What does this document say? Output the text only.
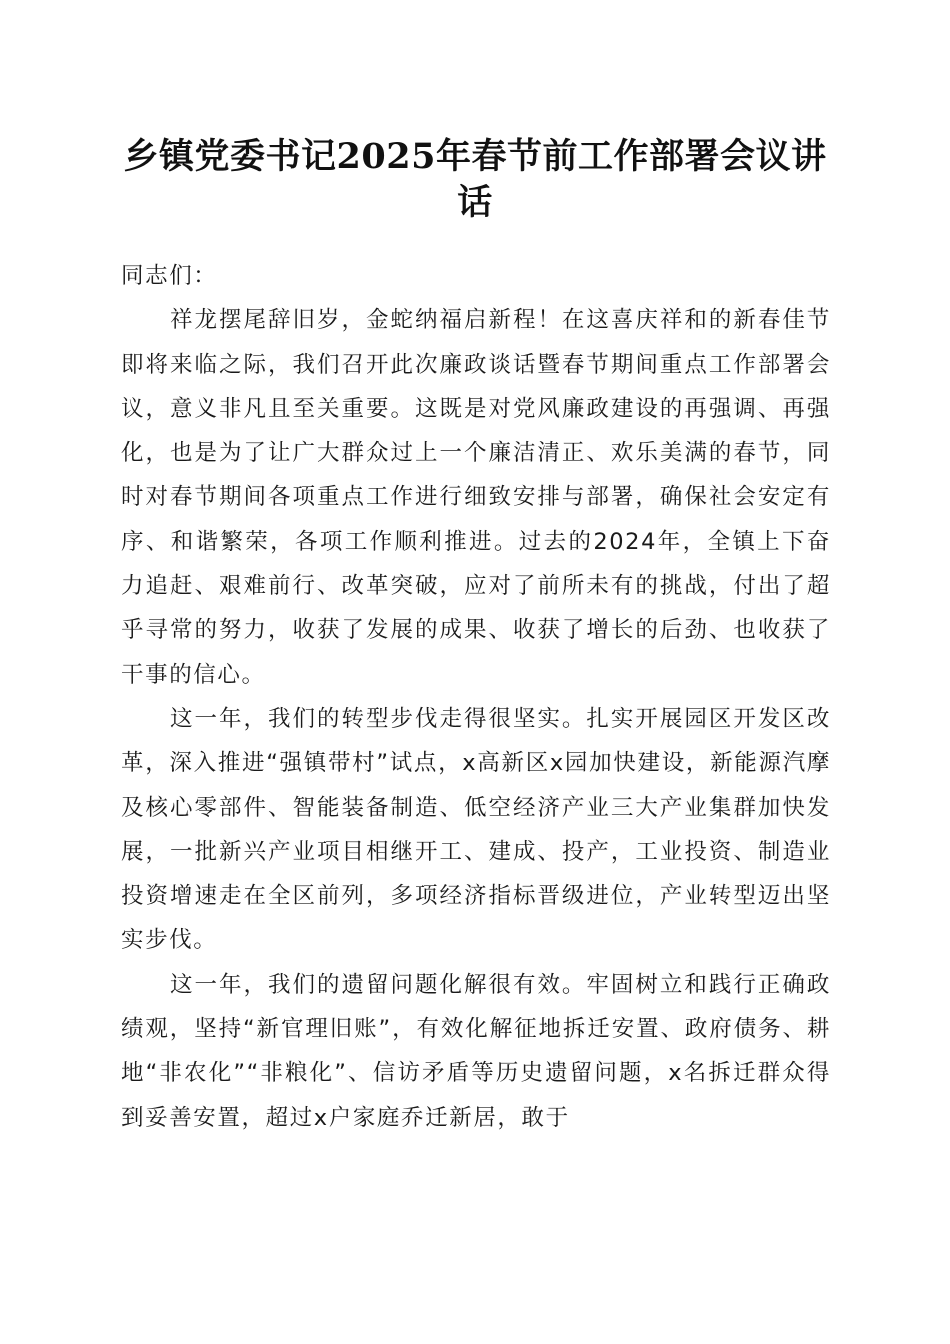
乡镇党委书记2025年春节前工作部署会议讲话

同志们：

祥龙摆尾辞旧岁，金蛇纳福启新程！在这喜庆祥和的新春佳节即将来临之际，我们召开此次廉政谈话暨春节期间重点工作部署会议，意义非凡且至关重要。这既是对党风廉政建设的再强调、再强化，也是为了让广大群众过上一个廉洁清正、欢乐美满的春节，同时对春节期间各项重点工作进行细致安排与部署，确保社会安定有序、和谐繁荣，各项工作顺利推进。过去的2024年，全镇上下奋力追赶、艰难前行、改革突破，应对了前所未有的挑战，付出了超乎寻常的努力，收获了发展的成果、收获了增长的后劲、也收获了干事的信心。

这一年，我们的转型步伐走得很坚实。扎实开展园区开发区改革，深入推进“强镇带村”试点，x高新区x园加快建设，新能源汽摩及核心零部件、智能装备制造、低空经济产业三大产业集群加快发展，一批新兴产业项目相继开工、建成、投产，工业投资、制造业投资增速走在全区前列，多项经济指标晋级进位，产业转型迈出坚实步伐。

这一年，我们的遗留问题化解很有效。牢固树立和践行正确政绩观，坚持“新官理旧账”，有效化解征地拆迁安置、政府债务、耕地“非农化”“非粮化”、信访矛盾等历史遗留问题，x名拆迁群众得到妥善安置，超过x户家庭乔迁新居，敢于
